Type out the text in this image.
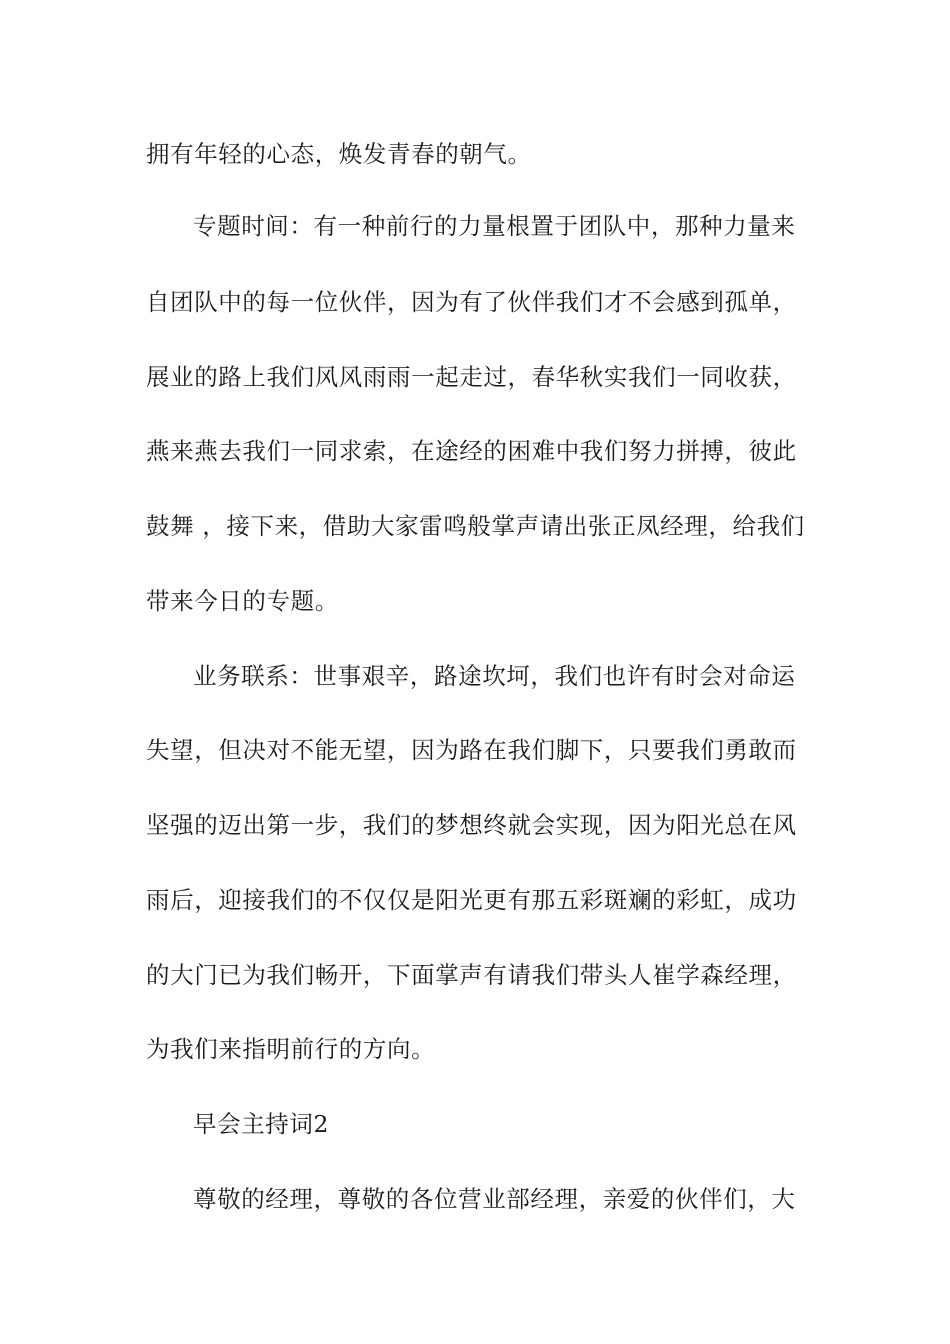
拥有年轻的心态，焕发青春的朝气。
专题时间：有一种前行的力量根置于团队中，那种力量来
自团队中的每一位伙伴，因为有了伙伴我们才不会感到孤单，
展业的路上我们风风雨雨一起走过，春华秋实我们一同收获，
燕来燕去我们一同求索，在途经的困难中我们努力拼搏，彼此
鼓舞 ，接下来，借助大家雷鸣般掌声请出张正凤经理，给我们
带来今日的专题。
业务联系：世事艰辛，路途坎坷，我们也许有时会对命运
失望，但决对不能无望，因为路在我们脚下，只要我们勇敢而
坚强的迈出第一步，我们的梦想终就会实现，因为阳光总在风
雨后，迎接我们的不仅仅是阳光更有那五彩斑斓的彩虹，成功
的大门已为我们畅开，下面掌声有请我们带头人崔学森经理，
为我们来指明前行的方向。
早会主持词2
尊敬的经理，尊敬的各位营业部经理，亲爱的伙伴们，大
